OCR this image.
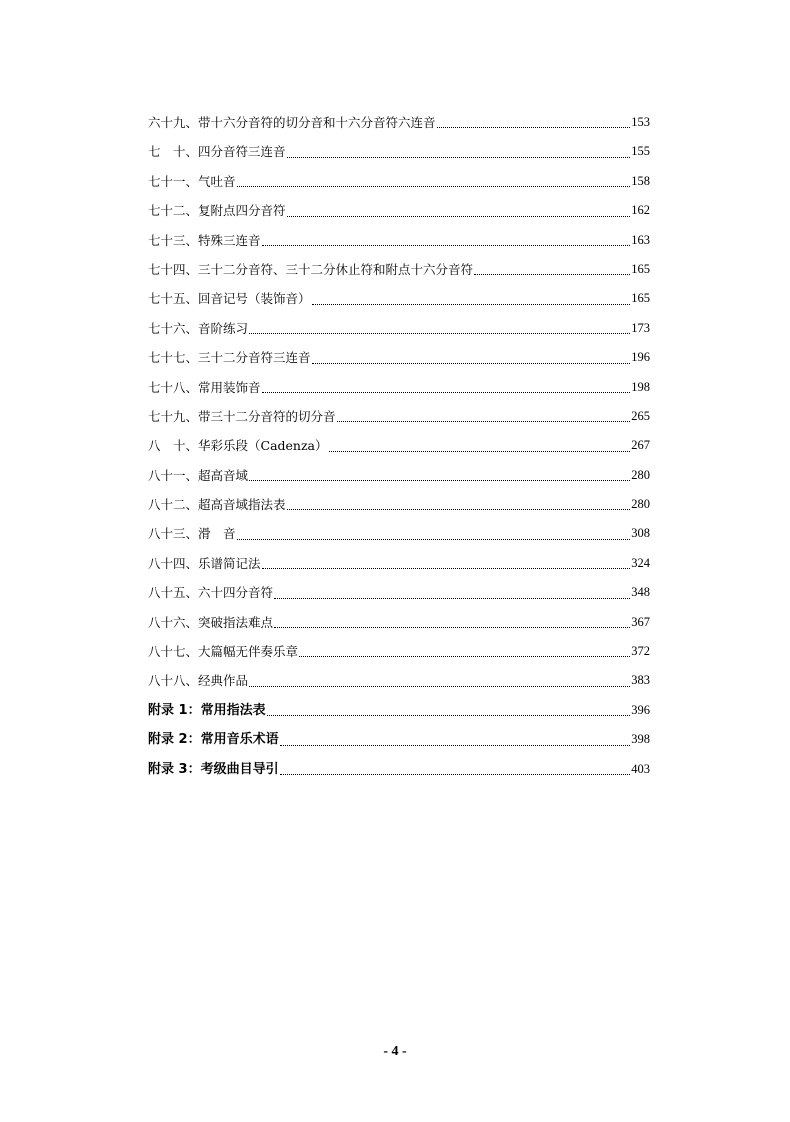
六十九、带十六分音符的切分音和十六分音符六连音	153
七　十、四分音符三连音	155
七十一、气吐音	158
七十二、复附点四分音符	162
七十三、特殊三连音	163
七十四、三十二分音符、三十二分休止符和附点十六分音符	165
七十五、回音记号（装饰音）	165
七十六、音阶练习	173
七十七、三十二分音符三连音	196
七十八、常用装饰音	198
七十九、带三十二分音符的切分音	265
八　十、华彩乐段（Cadenza）	267
八十一、超高音域	280
八十二、超高音域指法表	280
八十三、滑　音	308
八十四、乐谱简记法	324
八十五、六十四分音符	348
八十六、突破指法难点	367
八十七、大篇幅无伴奏乐章	372
八十八、经典作品	383
附录 1：常用指法表	396
附录 2：常用音乐术语	398
附录 3：考级曲目导引	403
- 4 -
